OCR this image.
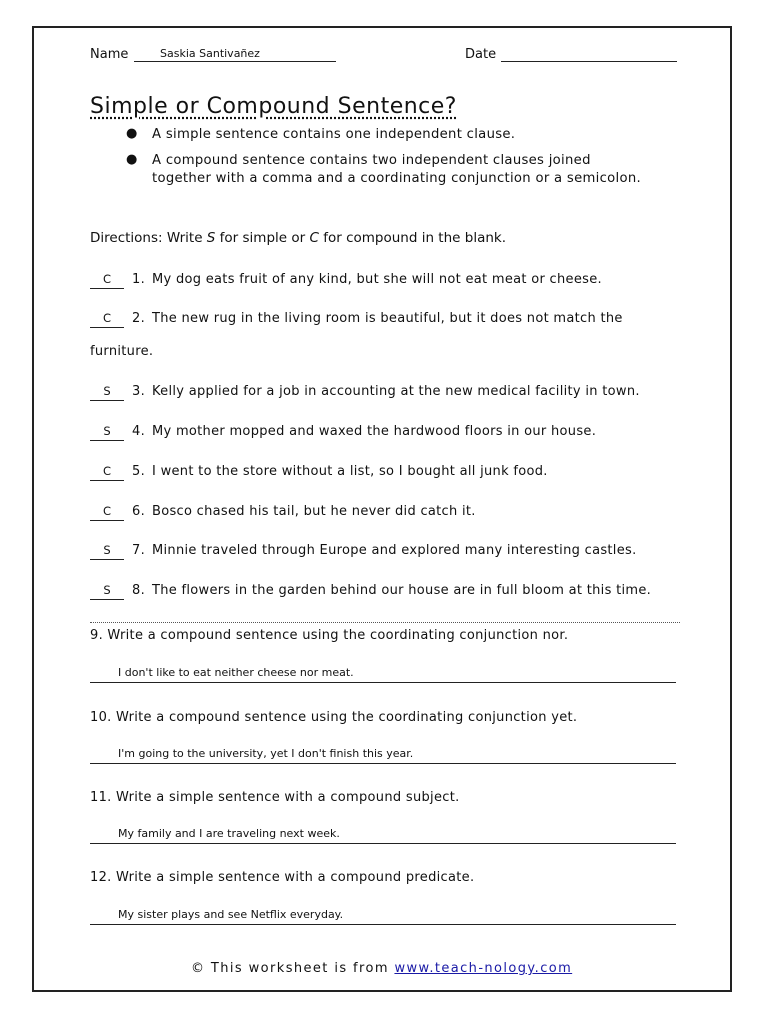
Name	Saskia Santivañez	Date
Simple or Compound Sentence?
● A simple sentence contains one independent clause.
● A compound sentence contains two independent clauses joined together with a comma and a coordinating conjunction or a semicolon.
Directions: Write S for simple or C for compound in the blank.
C	1. My dog eats fruit of any kind, but she will not eat meat or cheese.
C	2. The new rug in the living room is beautiful, but it does not match the
furniture.
S	3. Kelly applied for a job in accounting at the new medical facility in town.
S	4. My mother mopped and waxed the hardwood floors in our house.
C	5. I went to the store without a list, so I bought all junk food.
C	6. Bosco chased his tail, but he never did catch it.
S	7. Minnie traveled through Europe and explored many interesting castles.
S	8. The flowers in the garden behind our house are in full bloom at this time.
9. Write a compound sentence using the coordinating conjunction nor.
I don't like to eat neither cheese nor meat.
10. Write a compound sentence using the coordinating conjunction yet.
I'm going to the university, yet I don't finish this year.
11. Write a simple sentence with a compound subject.
My family and I are traveling next week.
12. Write a simple sentence with a compound predicate.
My sister plays and see Netflix everyday.
© This worksheet is from www.teach-nology.com
